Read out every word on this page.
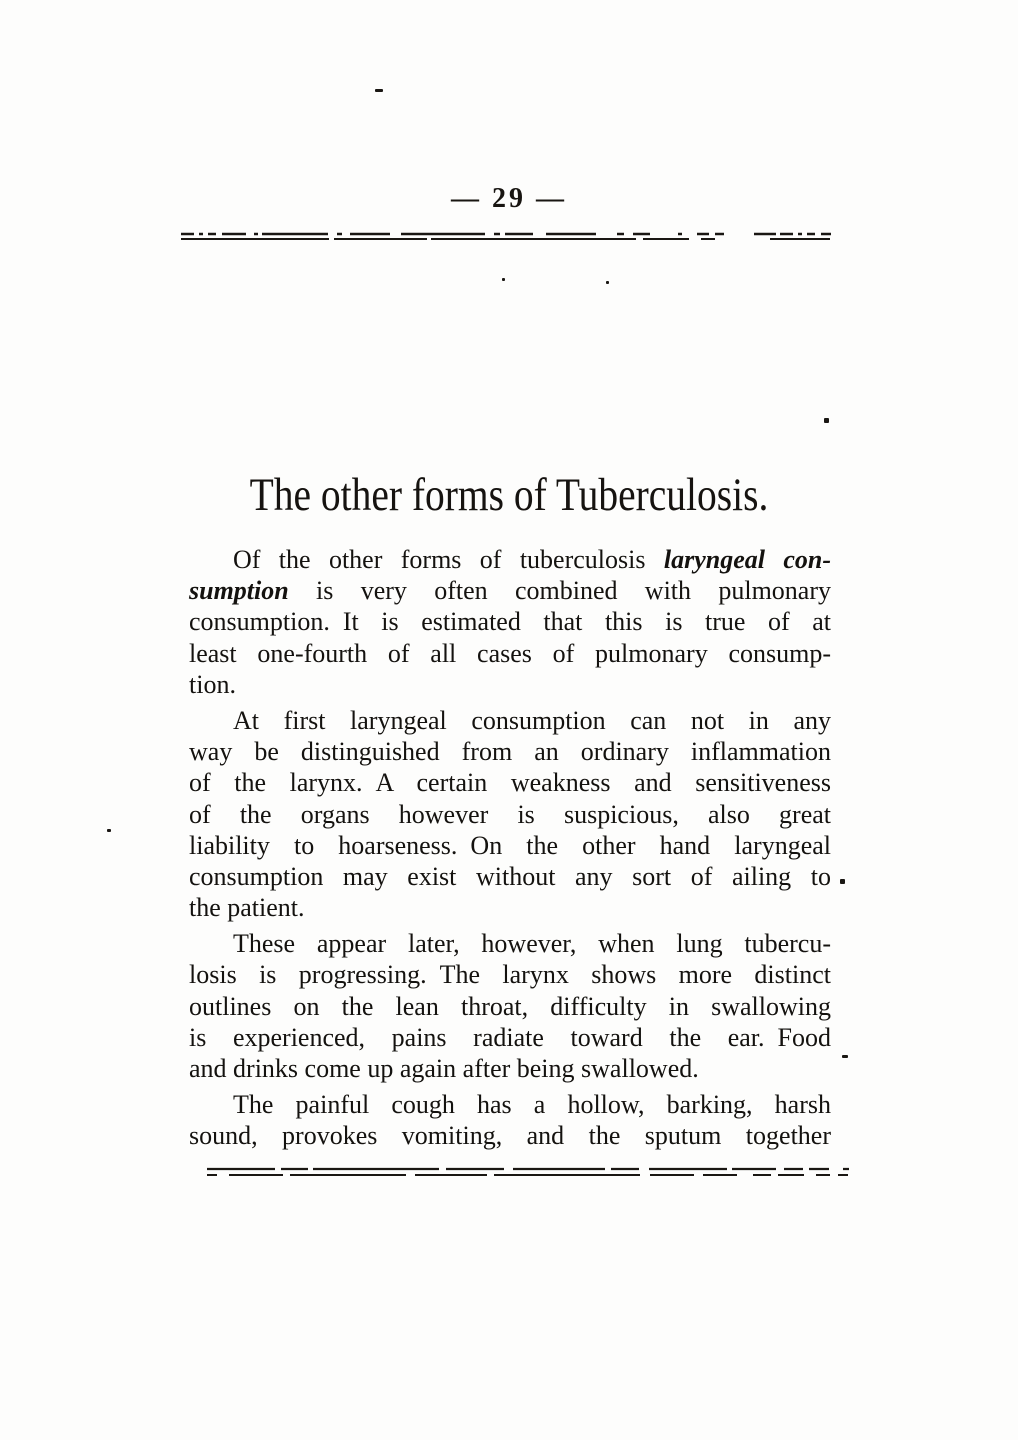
— 29 —
The other forms of Tuberculosis.
Of the other forms of tuberculosis laryngeal con-
sumption is very often combined with pulmonary
consumption. It is estimated that this is true of at
least one-fourth of all cases of pulmonary consump-
tion.
At first laryngeal consumption can not in any
way be distinguished from an ordinary inflammation
of the larynx. A certain weakness and sensitiveness
of the organs however is suspicious, also great
liability to hoarseness. On the other hand laryngeal
consumption may exist without any sort of ailing to
the patient.
These appear later, however, when lung tubercu-
losis is progressing. The larynx shows more distinct
outlines on the lean throat, difficulty in swallowing
is experienced, pains radiate toward the ear. Food
and drinks come up again after being swallowed.
The painful cough has a hollow, barking, harsh
sound, provokes vomiting, and the sputum together
